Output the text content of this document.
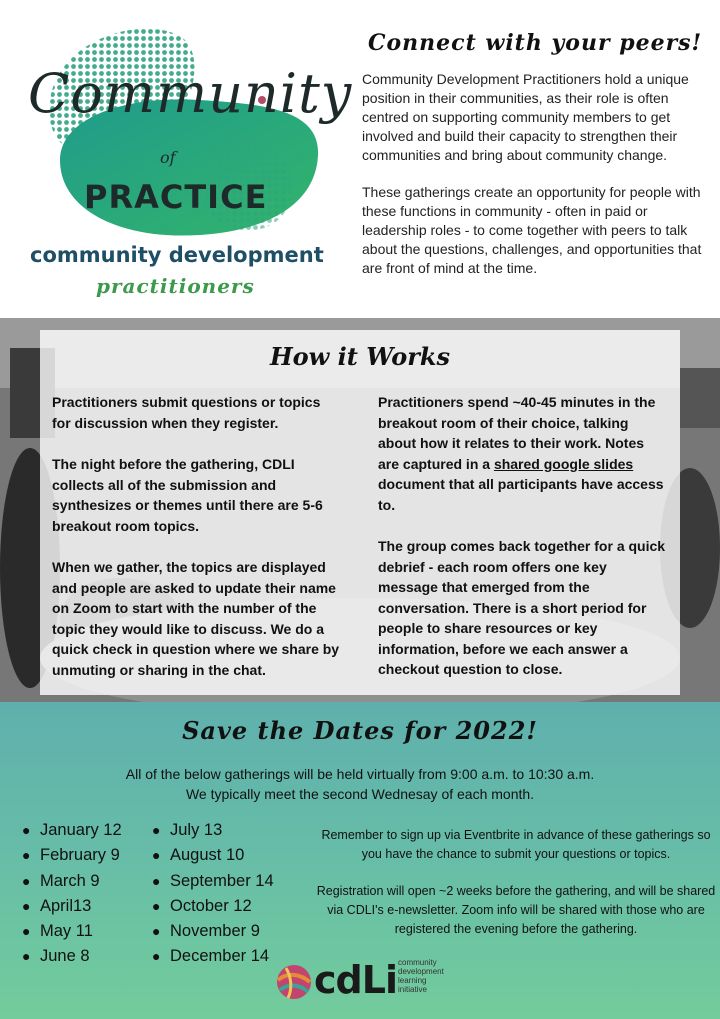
Community

of

PRACTICE

community development

practitioners

Connect with your peers!

Community Development Practitioners hold a unique position in their communities, as their role is often centred on supporting community members to get involved and build their capacity to strengthen their communities and bring about community change.

These gatherings create an opportunity for people with these functions in community - often in paid or leadership roles - to come together with peers to talk about the questions, challenges, and opportunities that are front of mind at the time.

How it Works

Practitioners submit questions or topics for discussion when they register.

The night before the gathering, CDLI collects all of the submission and synthesizes or themes until there are 5-6 breakout room topics.

When we gather, the topics are displayed and people are asked to update their name on Zoom to start with the number of the topic they would like to discuss. We do a quick check in question where we share by unmuting or sharing in the chat.

Practitioners spend ~40-45 minutes in the breakout room of their choice, talking about how it relates to their work. Notes are captured in a shared google slides document that all participants have access to.

The group comes back together for a quick debrief - each room offers one key message that emerged from the conversation. There is a short period for people to share resources or key information, before we each answer a checkout question to close.

Save the Dates for 2022!

All of the below gatherings will be held virtually from 9:00 a.m. to 10:30 a.m.

We typically meet the second Wednesay of each month.

● January 12
● February 9
● March 9
● April13
● May 11
● June 8
● July 13
● August 10
● September 14
● October 12
● November 9
● December 14

Remember to sign up via Eventbrite in advance of these gatherings so you have the chance to submit your questions or topics.

Registration will open ~2 weeks before the gathering, and will be shared via CDLI's e-newsletter. Zoom info will be shared with those who are registered the evening before the gathering.

cdLi community
development
learning
initiative
